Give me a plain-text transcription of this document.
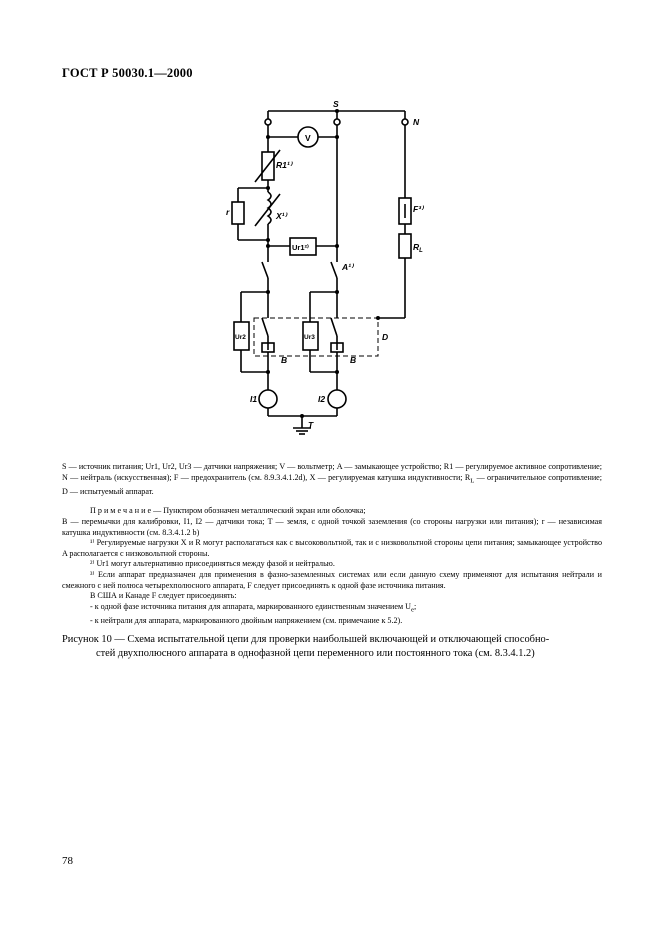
ГОСТ Р 50030.1—2000
S
N
V
R1¹⁾
r	X¹⁾
Ur1²⁾
A¹⁾
F³⁾
$R_L$
Ur2	Ur3
B	B
D
I1	I2
T

S — источник питания; Ur1, Ur2, Ur3 — датчики напряжения; V — вольтметр; A — замыкающее устройство; R1 — регулируемое активное сопротивление; N — нейтраль (искусственная); F — предохранитель (см. 8.9.3.4.1.2d), X — регулируемая катушка индуктивности; $R_L$ — ограничительное сопротивление; D — испытуемый аппарат.

П р и м е ч а н и е — Пунктиром обозначен металлический экран или оболочка;

B — перемычки для калибровки, I1, I2 — датчики тока; T — земля, с одной точкой заземления (со стороны нагрузки или питания); r — независимая катушка индуктивности (см. 8.3.4.1.2 b)

¹⁾ Регулируемые нагрузки X и R могут располагаться как с высоковольтной, так и с низковольтной стороны цепи питания; замыкающее устройство A располагается с низковольтной стороны.

²⁾ Ur1 могут альтернативно присоединяться между фазой и нейтралью.

³⁾ Если аппарат предназначен для применения в фазно-заземленных системах или если данную схему применяют для испытания нейтрали и смежного с ней полюса четырехполюсного аппарата, F следует присоединять к одной фазе источника питания.

В США и Канаде F следует присоединять:

- к одной фазе источника питания для аппарата, маркированного единственным значением $U_e$;

- к нейтрали для аппарата, маркированного двойным напряжением (см. примечание к 5.2).

Рисунок 10 — Схема испытательной цепи для проверки наибольшей включающей и отключающей способно-
стей двухполюсного аппарата в однофазной цепи переменного или постоянного тока (см. 8.3.4.1.2)
78
